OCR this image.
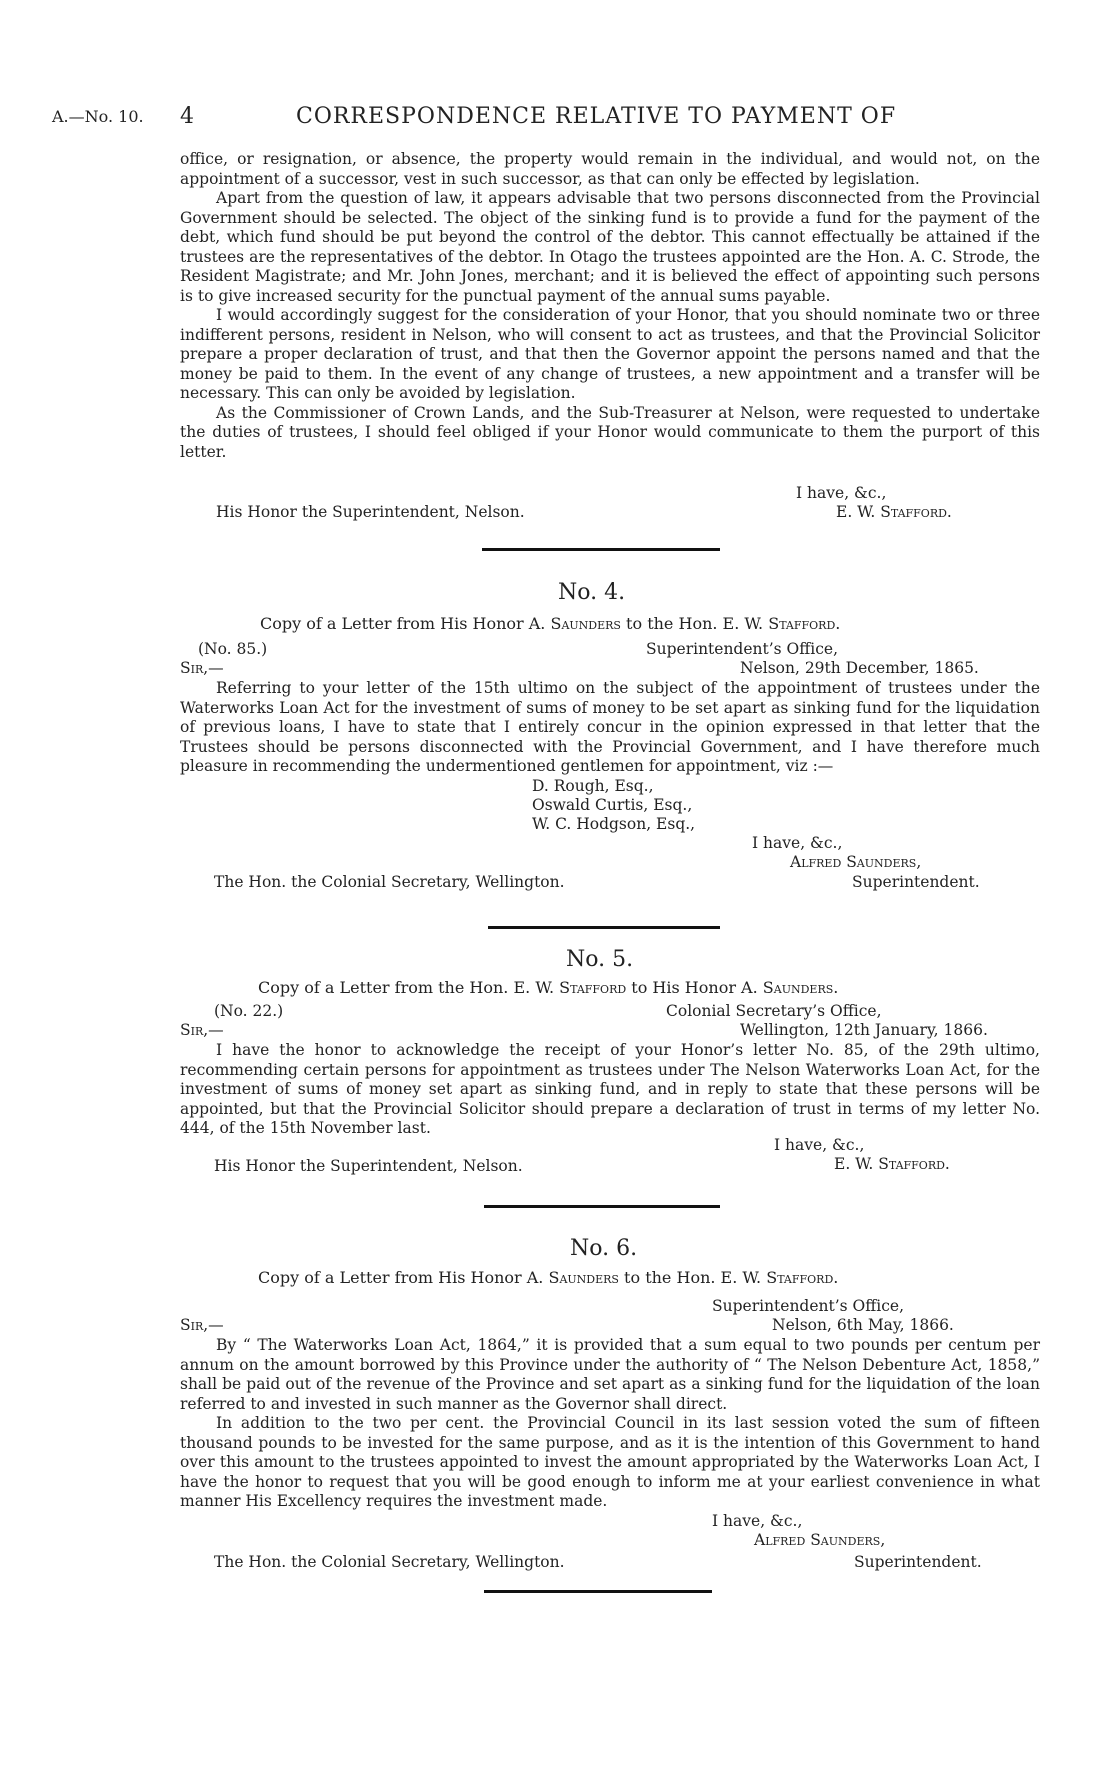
A.—No. 10. 4	CORRESPONDENCE RELATIVE TO PAYMENT OF

office, or resignation, or absence, the property would remain in the individual, and would not, on the appointment of a successor, vest in such successor, as that can only be effected by legislation.

Apart from the question of law, it appears advisable that two persons disconnected from the Provincial Government should be selected. The object of the sinking fund is to provide a fund for the payment of the debt, which fund should be put beyond the control of the debtor. This cannot effectually be attained if the trustees are the representatives of the debtor. In Otago the trustees appointed are the Hon. A. C. Strode, the Resident Magistrate; and Mr. John Jones, merchant; and it is believed the effect of appointing such persons is to give increased security for the punctual payment of the annual sums payable.

I would accordingly suggest for the consideration of your Honor, that you should nominate two or three indifferent persons, resident in Nelson, who will consent to act as trustees, and that the Provincial Solicitor prepare a proper declaration of trust, and that then the Governor appoint the persons named and that the money be paid to them. In the event of any change of trustees, a new appointment and a transfer will be necessary. This can only be avoided by legislation.

As the Commissioner of Crown Lands, and the Sub-Treasurer at Nelson, were requested to undertake the duties of trustees, I should feel obliged if your Honor would communicate to them the purport of this letter.

I have, &c.,
E. W. Stafford.
His Honor the Superintendent, Nelson.
No. 4.
Copy of a Letter from His Honor A. Saunders to the Hon. E. W. Stafford.
(No. 85.)	Superintendent’s Office,
Sir,—	Nelson, 29th December, 1865.

Referring to your letter of the 15th ultimo on the subject of the appointment of trustees under the Waterworks Loan Act for the investment of sums of money to be set apart as sinking fund for the liquidation of previous loans, I have to state that I entirely concur in the opinion expressed in that letter that the Trustees should be persons disconnected with the Provincial Government, and I have therefore much pleasure in recommending the undermentioned gentlemen for appointment, viz :—

D. Rough, Esq.,
Oswald Curtis, Esq.,
W. C. Hodgson, Esq.,
I have, &c.,
Alfred Saunders,
The Hon. the Colonial Secretary, Wellington.	Superintendent.
No. 5.
Copy of a Letter from the Hon. E. W. Stafford to His Honor A. Saunders.
(No. 22.)	Colonial Secretary’s Office,
Sir,—	Wellington, 12th January, 1866.

I have the honor to acknowledge the receipt of your Honor’s letter No. 85, of the 29th ultimo, recommending certain persons for appointment as trustees under The Nelson Waterworks Loan Act, for the investment of sums of money set apart as sinking fund, and in reply to state that these persons will be appointed, but that the Provincial Solicitor should prepare a declaration of trust in terms of my letter No. 444, of the 15th November last.

I have, &c.,
E. W. Stafford.
His Honor the Superintendent, Nelson.
No. 6.
Copy of a Letter from His Honor A. Saunders to the Hon. E. W. Stafford.
Superintendent’s Office,
Sir,—	Nelson, 6th May, 1866.

By “ The Waterworks Loan Act, 1864,” it is provided that a sum equal to two pounds per centum per annum on the amount borrowed by this Province under the authority of “ The Nelson Debenture Act, 1858,” shall be paid out of the revenue of the Province and set apart as a sinking fund for the liquidation of the loan referred to and invested in such manner as the Governor shall direct.

In addition to the two per cent. the Provincial Council in its last session voted the sum of fifteen thousand pounds to be invested for the same purpose, and as it is the intention of this Government to hand over this amount to the trustees appointed to invest the amount appropriated by the Waterworks Loan Act, I have the honor to request that you will be good enough to inform me at your earliest convenience in what manner His Excellency requires the investment made.

I have, &c.,
Alfred Saunders,
The Hon. the Colonial Secretary, Wellington.	Superintendent.
